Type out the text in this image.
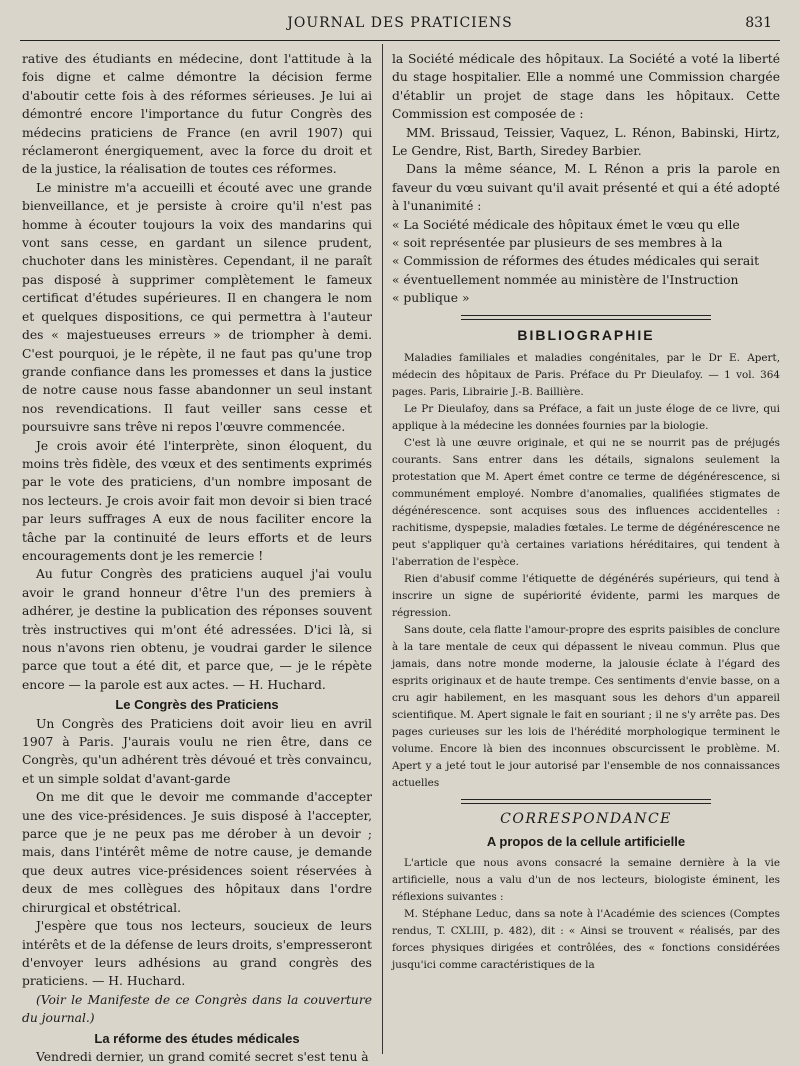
JOURNAL DES PRATICIENS	831

rative des étudiants en médecine, dont l'attitude à la fois digne et calme démontre la décision ferme d'aboutir cette fois à des réformes sérieuses. Je lui ai démontré encore l'importance du futur Congrès des médecins praticiens de France (en avril 1907) qui réclameront énergiquement, avec la force du droit et de la justice, la réalisation de toutes ces réformes.

Le ministre m'a accueilli et écouté avec une grande bienveillance, et je persiste à croire qu'il n'est pas homme à écouter toujours la voix des mandarins qui vont sans cesse, en gardant un silence prudent, chuchoter dans les ministères. Cependant, il ne paraît pas disposé à supprimer complètement le fameux certificat d'études supérieures. Il en changera le nom et quelques dispositions, ce qui permettra à l'auteur des « majestueuses erreurs » de triompher à demi. C'est pourquoi, je le répète, il ne faut pas qu'une trop grande confiance dans les promesses et dans la justice de notre cause nous fasse abandonner un seul instant nos revendications. Il faut veiller sans cesse et poursuivre sans trêve ni repos l'œuvre commencée.

Je crois avoir été l'interprète, sinon éloquent, du moins très fidèle, des vœux et des sentiments exprimés par le vote des praticiens, d'un nombre imposant de nos lecteurs. Je crois avoir fait mon devoir si bien tracé par leurs suffrages A eux de nous faciliter encore la tâche par la continuité de leurs efforts et de leurs encouragements dont je les remercie !

Au futur Congrès des praticiens auquel j'ai voulu avoir le grand honneur d'être l'un des premiers à adhérer, je destine la publication des réponses souvent très instructives qui m'ont été adressées. D'ici là, si nous n'avons rien obtenu, je voudrai garder le silence parce que tout a été dit, et parce que, — je le répète encore — la parole est aux actes. — H. Huchard.

Le Congrès des Praticiens

Un Congrès des Praticiens doit avoir lieu en avril 1907 à Paris. J'aurais voulu ne rien être, dans ce Congrès, qu'un adhérent très dévoué et très convaincu, et un simple soldat d'avant-garde

On me dit que le devoir me commande d'accepter une des vice-présidences. Je suis disposé à l'accepter, parce que je ne peux pas me dérober à un devoir ; mais, dans l'intérêt même de notre cause, je demande que deux autres vice-présidences soient réservées à deux de mes collègues des hôpitaux dans l'ordre chirurgical et obstétrical.

J'espère que tous nos lecteurs, soucieux de leurs intérêts et de la défense de leurs droits, s'empresseront d'envoyer leurs adhésions au grand congrès des praticiens. — H. Huchard.

(Voir le Manifeste de ce Congrès dans la couverture du journal.)

La réforme des études médicales

Vendredi dernier, un grand comité secret s'est tenu à

la Société médicale des hôpitaux. La Société a voté la liberté du stage hospitalier. Elle a nommé une Commission chargée d'établir un projet de stage dans les hôpitaux. Cette Commission est composée de :

MM. Brissaud, Teissier, Vaquez, L. Rénon, Babinski, Hirtz, Le Gendre, Rist, Barth, Siredey Barbier.

Dans la même séance, M. L Rénon a pris la parole en faveur du vœu suivant qu'il avait présenté et qui a été adopté à l'unanimité :

« La Société médicale des hôpitaux émet le vœu qu elle

« soit représentée par plusieurs de ses membres à la

« Commission de réformes des études médicales qui serait

« éventuellement nommée au ministère de l'Instruction

« publique »

BIBLIOGRAPHIE

Maladies familiales et maladies congénitales, par le Dr E. Apert, médecin des hôpitaux de Paris. Préface du Pr Dieulafoy. — 1 vol. 364 pages. Paris, Librairie J.-B. Baillière.

Le Pr Dieulafoy, dans sa Préface, a fait un juste éloge de ce livre, qui applique à la médecine les données fournies par la biologie.

C'est là une œuvre originale, et qui ne se nourrit pas de préjugés courants. Sans entrer dans les détails, signalons seulement la protestation que M. Apert émet contre ce terme de dégénérescence, si communément employé. Nombre d'anomalies, qualifiées stigmates de dégénérescence. sont acquises sous des influences accidentelles : rachitisme, dyspepsie, maladies fœtales. Le terme de dégénérescence ne peut s'appliquer qu'à certaines variations héréditaires, qui tendent à l'aberration de l'espèce.

Rien d'abusif comme l'étiquette de dégénérés supérieurs, qui tend à inscrire un signe de supériorité évidente, parmi les marques de régression.

Sans doute, cela flatte l'amour-propre des esprits paisibles de conclure à la tare mentale de ceux qui dépassent le niveau commun. Plus que jamais, dans notre monde moderne, la jalousie éclate à l'égard des esprits originaux et de haute trempe. Ces sentiments d'envie basse, on a cru agir habilement, en les masquant sous les dehors d'un appareil scientifique. M. Apert signale le fait en souriant ; il ne s'y arrête pas. Des pages curieuses sur les lois de l'hérédité morphologique terminent le volume. Encore là bien des inconnues obscurcissent le problème. M. Apert y a jeté tout le jour autorisé par l'ensemble de nos connaissances actuelles

CORRESPONDANCE
A propos de la cellule artificielle

L'article que nous avons consacré la semaine dernière à la vie artificielle, nous a valu d'un de nos lecteurs, biologiste éminent, les réflexions suivantes :

M. Stéphane Leduc, dans sa note à l'Académie des sciences (Comptes rendus, T. CXLIII, p. 482), dit : « Ainsi se trouvent « réalisés, par des forces physiques dirigées et contrôlées, des « fonctions considérées jusqu'ici comme caractéristiques de la
